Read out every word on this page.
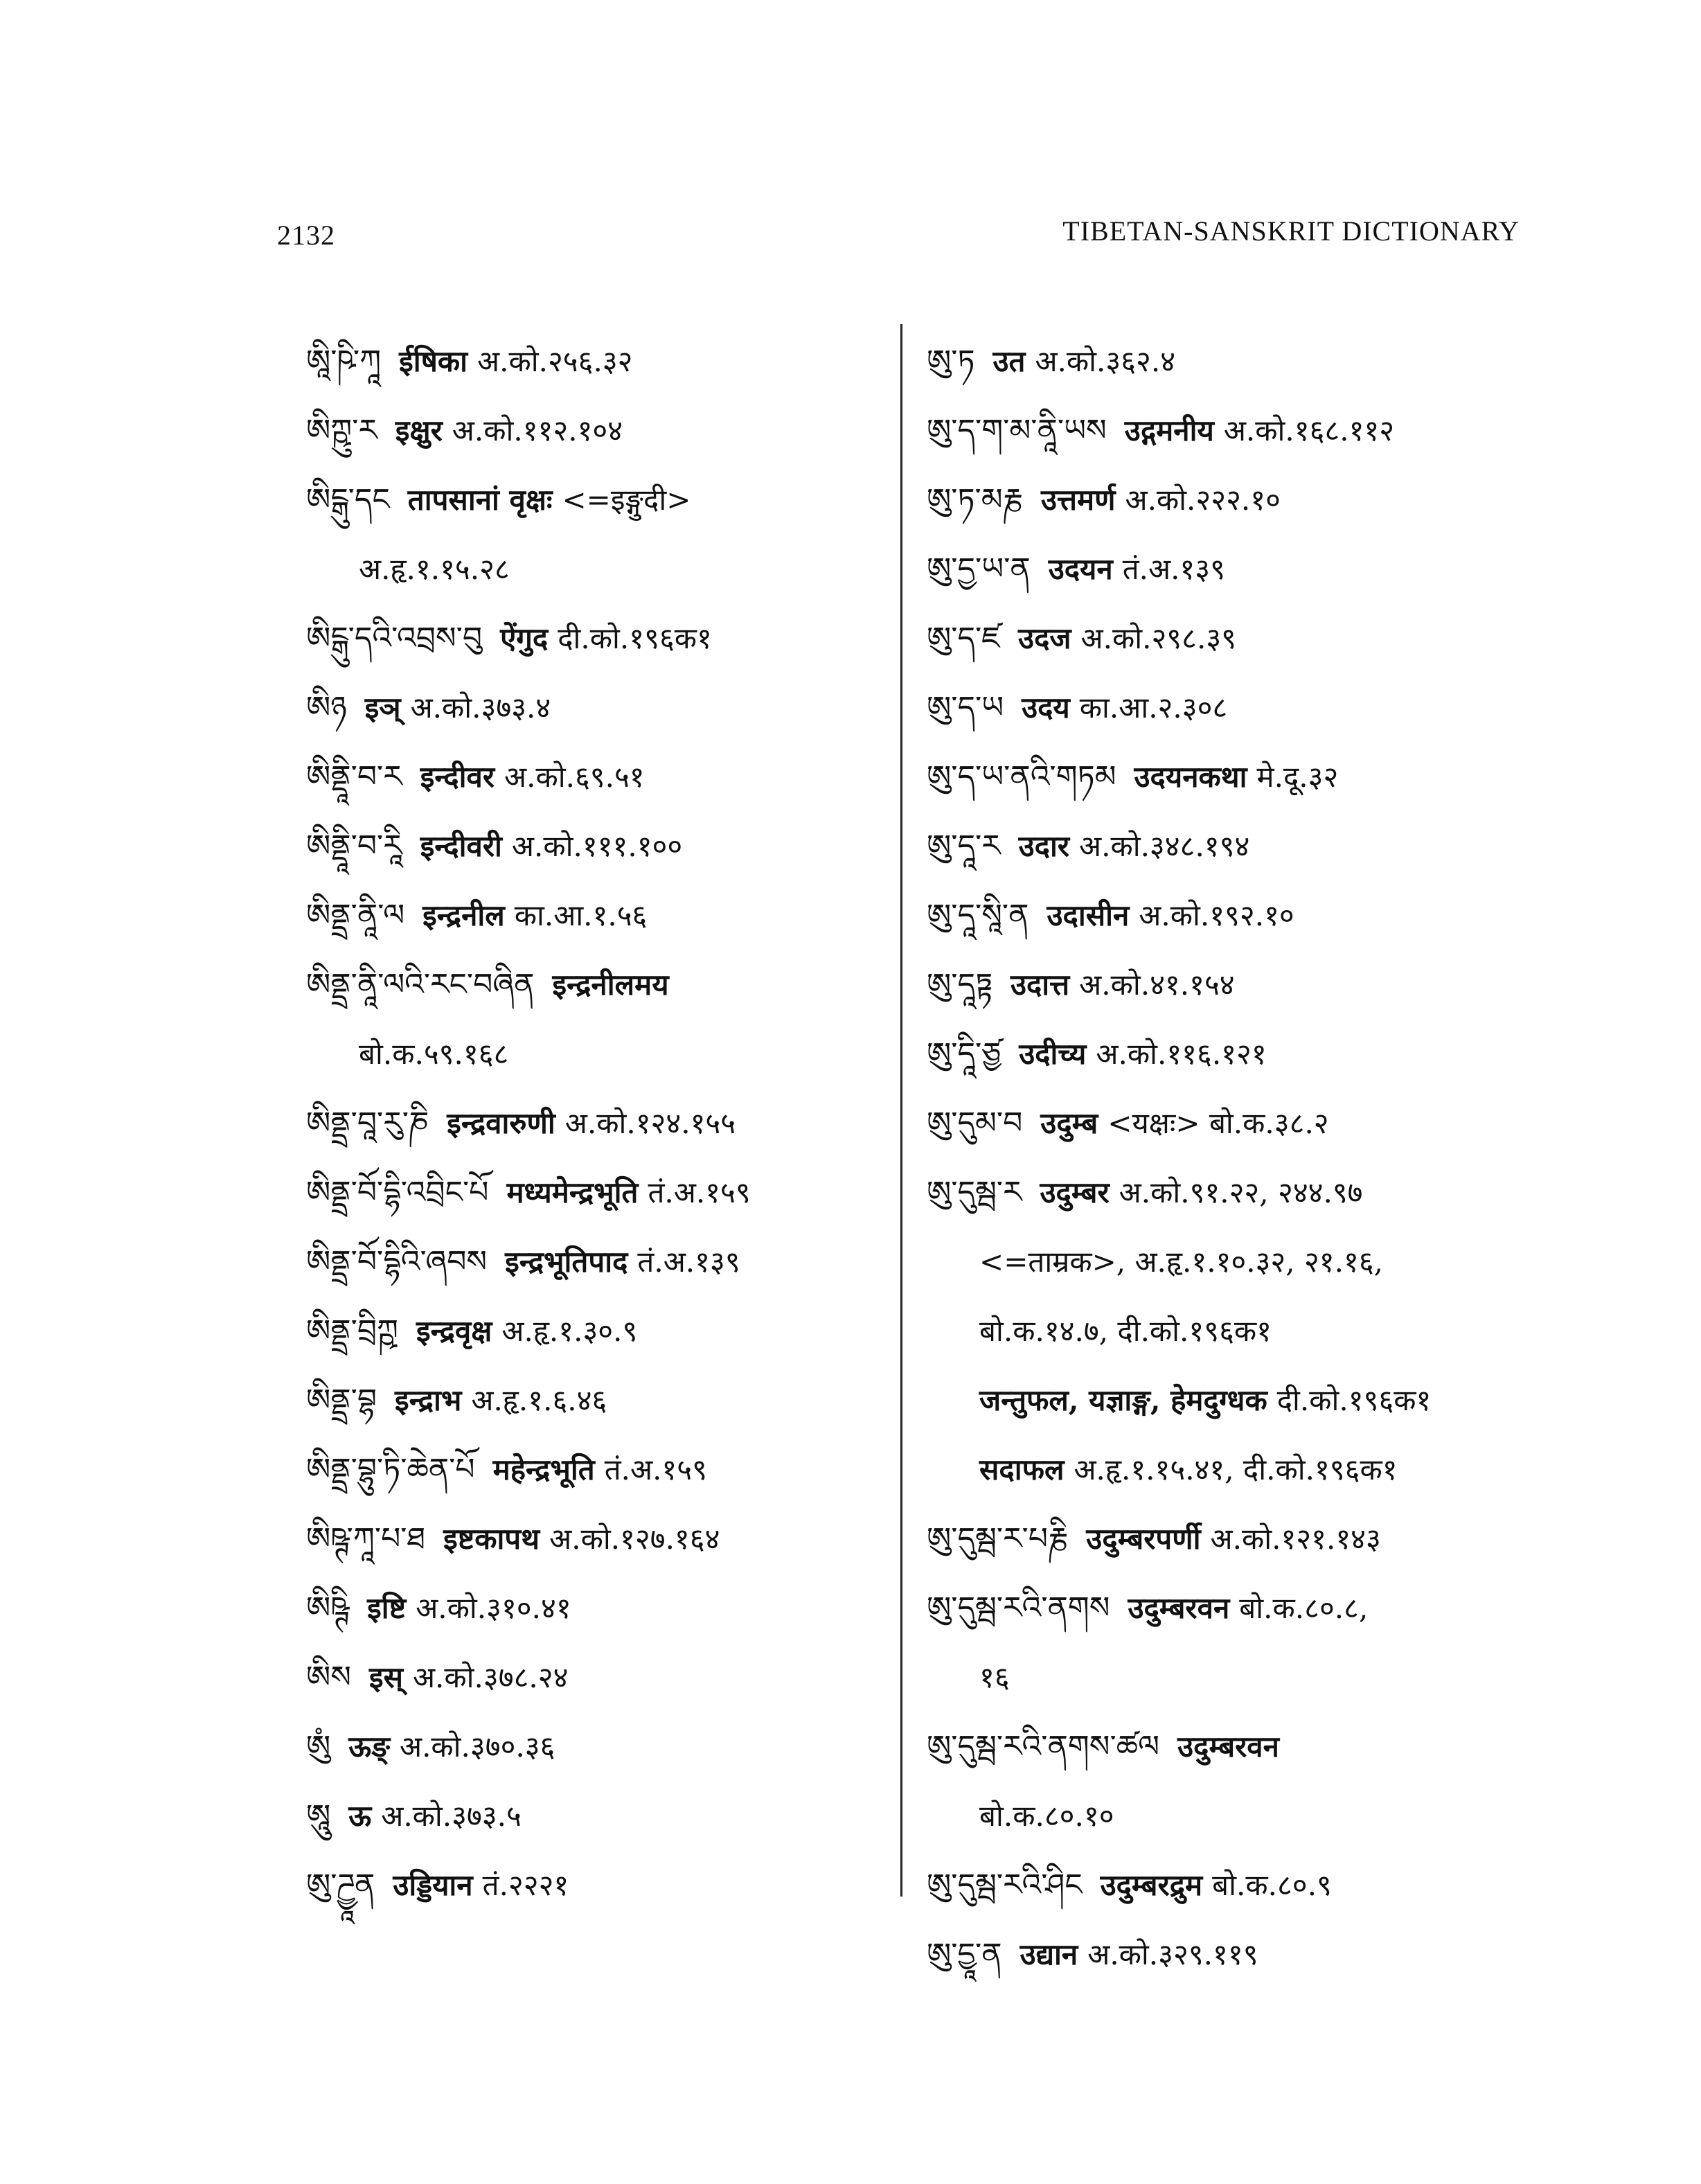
2132	TIBETAN-SANSKRIT DICTIONARY
ཨཱི་ཥི་ཀཱ ईषिका अ.को.२५६.३२
ཨིཀྵུ་ར इक्षुर अ.को.११२.१०४
ཨིངྒུ་དང तापसानां वृक्षः <=इङ्गुदी>
अ.हृ.१.१५.२८
ཨིངྒུ་དའི་འབྲས་བུ ऐंगुद दी.को.१९६क१
ཨིཉ इञ् अ.को.३७३.४
ཨིནྡཱི་བ་ར इन्दीवर अ.को.६९.५१
ཨིནྡཱི་བ་རཱི इन्दीवरी अ.को.१११.१००
ཨིནྡྲ་ནཱི་ལ इन्द्रनील का.आ.१.५६
ཨིནྡྲ་ནཱི་ལའི་རང་བཞིན इन्द्रनीलमय
बो.क.५९.१६८
ཨིནྡྲ་བཱ་རུ་ཎི इन्द्रवारुणी अ.को.१२४.१५५
ཨིནྡྲ་བོ་དྷི་འབྲིང་པོ मध्यमेन्द्रभूति तं.अ.१५९
ཨིནྡྲ་བོ་དྷིའི་ཞབས इन्द्रभूतिपाद तं.अ.१३९
ཨིནྡྲ་བྲིཀྵ इन्द्रवृक्ष अ.हृ.१.३०.९
ཨིནྡྲ་བྷ इन्द्राभ अ.हृ.१.६.४६
ཨིནྡྲ་བྷུ་ཏི་ཆེན་པོ महेन्द्रभूति तं.अ.१५९
ཨིཥྚ་ཀཱ་པ་ཐ इष्टकापथ अ.को.१२७.१६४
ཨིཥྚི इष्टि अ.को.३१०.४१
ཨིས इस् अ.को.३७८.२४
ཨུཾ ऊङ् अ.को.३७०.३६
ཨཱུ ऊ अ.को.३७३.५
ཨུ་ཌྱཱན उड्डियान तं.२२२१
ཨུ་ཏ उत अ.को.३६२.४
ཨུ་ད་ག་མ་ནཱི་ཡས उद्गमनीय अ.को.१६८.११२
ཨུ་ཏ་མརྞ उत्तमर्ण अ.को.२२२.१०
ཨུ་དྱ་ཡ་ན उदयन तं.अ.१३९
ཨུ་ད་ཛ उदज अ.को.२९८.३९
ཨུ་ད་ཡ उदय का.आ.२.३०८
ཨུ་ད་ཡ་ནའི་གཏམ उदयनकथा मे.दू.३२
ཨུ་དཱ་ར उदार अ.को.३४८.१९४
ཨུ་དཱ་སཱི་ན उदासीन अ.को.१९२.१०
ཨུ་དཱཏྟ उदात्त अ.को.४१.१५४
ཨུ་དཱི་ཙྱ उदीच्य अ.को.११६.१२१
ཨུ་དུམ་བ उदुम्ब <यक्षः> बो.क.३८.२
ཨུ་དུམྦ་ར उदुम्बर अ.को.९१.२२, २४४.९७
<=ताम्रक>, अ.हृ.१.१०.३२, २१.१६,
बो.क.१४.७, दी.को.१९६क१
जन्तुफल, यज्ञाङ्ग, हेमदुग्धक दी.को.१९६क१
सदाफल अ.हृ.१.१५.४१, दी.को.१९६क१
ཨུ་དུམྦ་ར་པརྞི उदुम्बरपर्णी अ.को.१२१.१४३
ཨུ་དུམྦ་རའི་ནགས उदुम्बरवन बो.क.८०.८,
१६
ཨུ་དུམྦ་རའི་ནགས་ཚལ उदुम्बरवन
बो.क.८०.१०
ཨུ་དུམྦ་རའི་ཤིང उदुम्बरद्रुम बो.क.८०.९
ཨུ་དྱཱ་ན उद्यान अ.को.३२९.११९
